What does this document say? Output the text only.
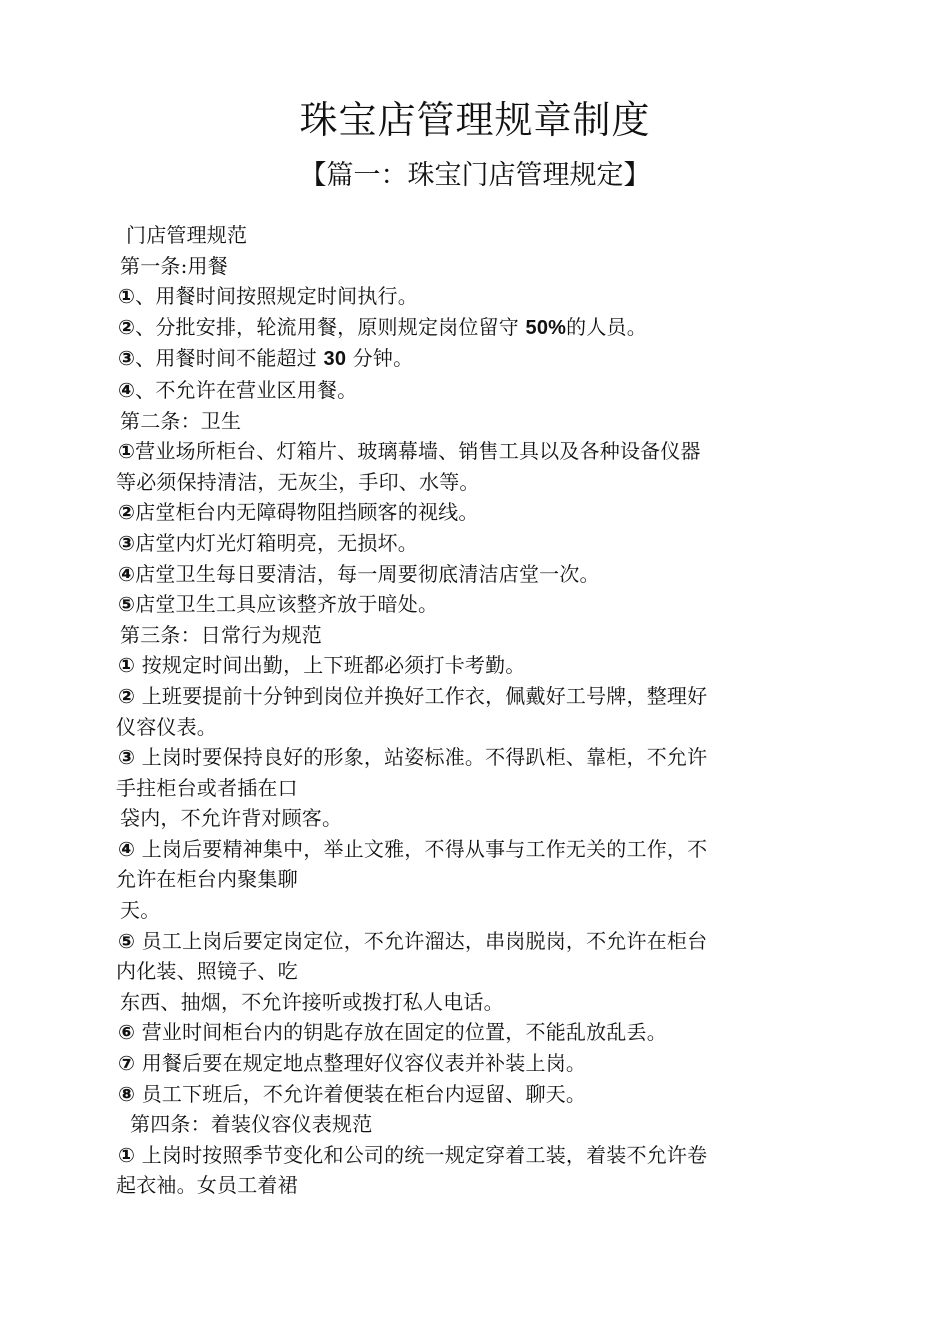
珠宝店管理规章制度
【篇一：珠宝门店管理规定】
门店管理规范
第一条:用餐
①、用餐时间按照规定时间执行。
②、分批安排，轮流用餐，原则规定岗位留守 50%的人员。
③、用餐时间不能超过 30 分钟。
④、不允许在营业区用餐。
第二条：卫生
①营业场所柜台、灯箱片、玻璃幕墙、销售工具以及各种设备仪器
等必须保持清洁，无灰尘，手印、水等。
②店堂柜台内无障碍物阻挡顾客的视线。
③店堂内灯光灯箱明亮，无损坏。
④店堂卫生每日要清洁，每一周要彻底清洁店堂一次。
⑤店堂卫生工具应该整齐放于暗处。
第三条：日常行为规范
① 按规定时间出勤，上下班都必须打卡考勤。
② 上班要提前十分钟到岗位并换好工作衣，佩戴好工号牌，整理好
仪容仪表。
③ 上岗时要保持良好的形象，站姿标准。不得趴柜、靠柜，不允许
手拄柜台或者插在口
袋内，不允许背对顾客。
④ 上岗后要精神集中，举止文雅，不得从事与工作无关的工作，不
允许在柜台内聚集聊
天。
⑤ 员工上岗后要定岗定位，不允许溜达，串岗脱岗，不允许在柜台
内化装、照镜子、吃
东西、抽烟，不允许接听或拨打私人电话。
⑥ 营业时间柜台内的钥匙存放在固定的位置，不能乱放乱丢。
⑦ 用餐后要在规定地点整理好仪容仪表并补装上岗。
⑧ 员工下班后，不允许着便装在柜台内逗留、聊天。
第四条：着装仪容仪表规范
① 上岗时按照季节变化和公司的统一规定穿着工装，着装不允许卷
起衣袖。女员工着裙
